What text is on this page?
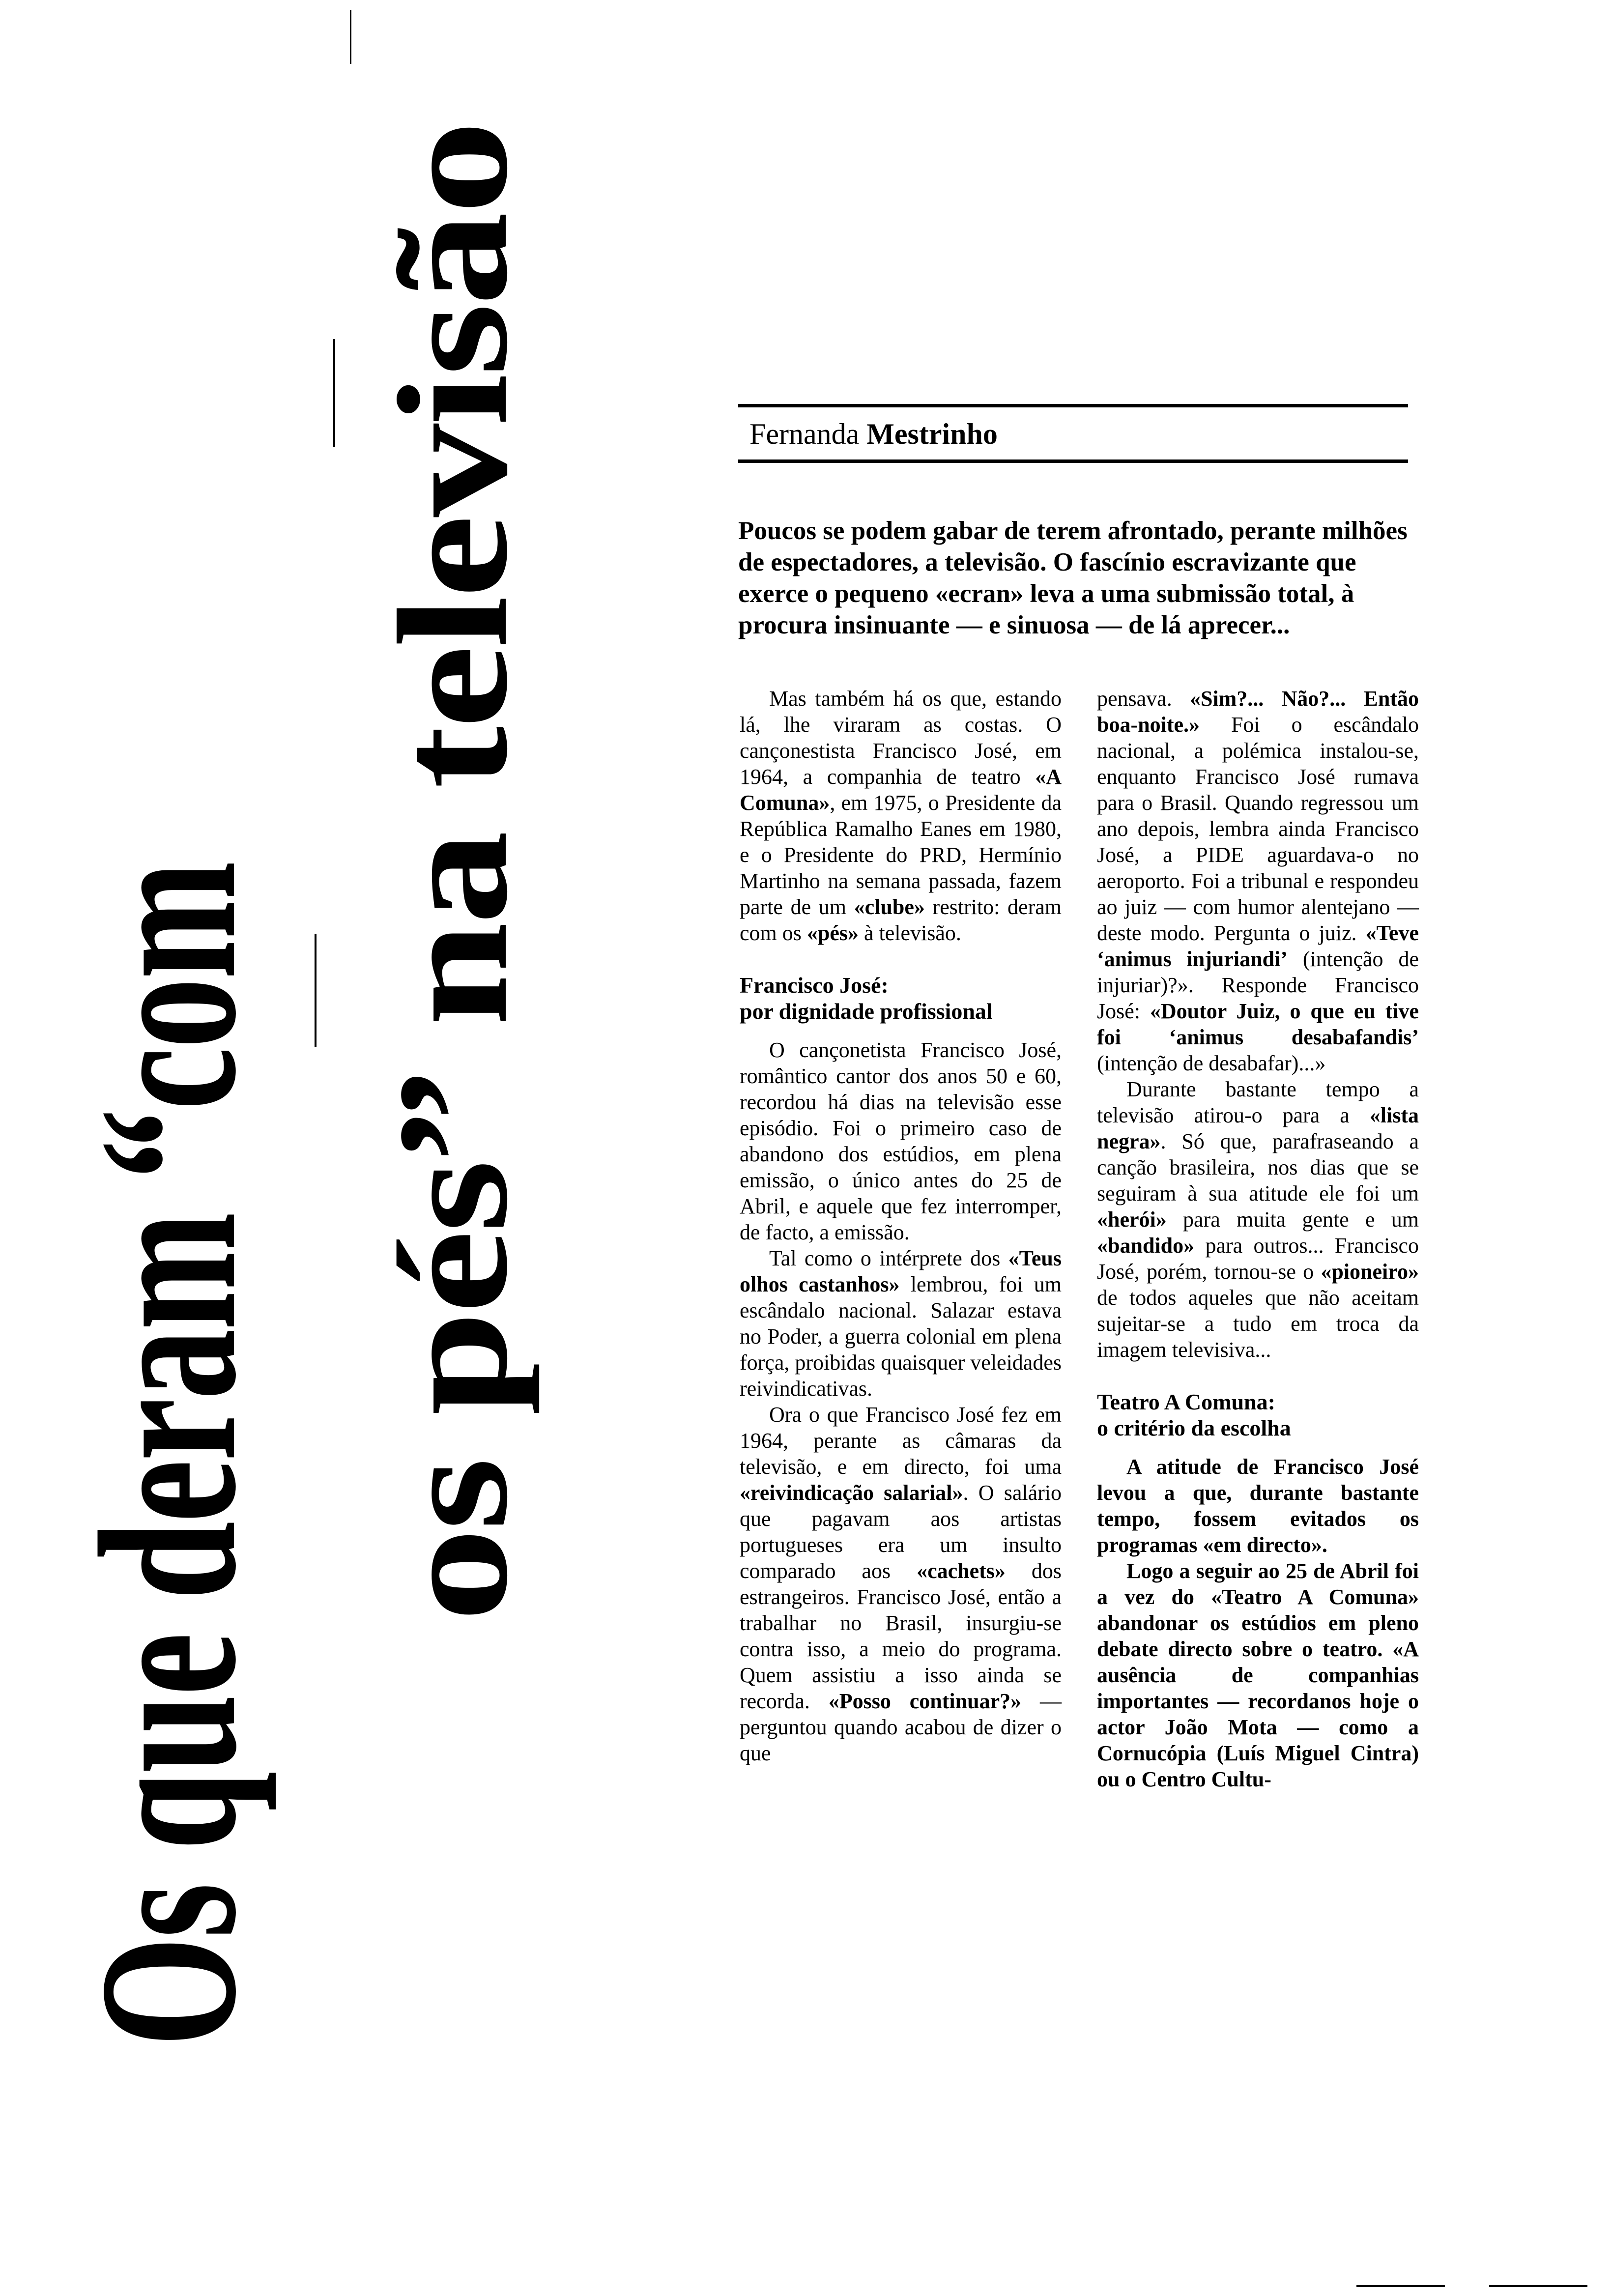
Os que deram “com os pés” na televisão	Fernanda Mestrinho
Poucos se podem gabar de terem afrontado, perante milhões de espectadores, a televisão. O fascínio escravizante que exerce o pequeno «ecran» leva a uma submissão total, à procura insinuante — e sinuosa — de lá aprecer...

Mas também há os que, estando lá, lhe viraram as costas. O cançonestista Francisco José, em 1964, a companhia de teatro «A Comuna», em 1975, o Presidente da República Ramalho Eanes em 1980, e o Presidente do PRD, Hermínio Martinho na semana passada, fazem parte de um «clube» restrito: deram com os «pés» à televisão.

Francisco José:
por dignidade profissional

O cançonetista Francisco José, romântico cantor dos anos 50 e 60, recordou há dias na televisão esse episódio. Foi o primeiro caso de abandono dos estúdios, em plena emissão, o único antes do 25 de Abril, e aquele que fez interromper, de facto, a emissão.

Tal como o intérprete dos «Teus olhos castanhos» lembrou, foi um escândalo nacional. Salazar estava no Poder, a guerra colonial em plena força, proibidas quaisquer veleidades reivindicativas.

Ora o que Francisco José fez em 1964, perante as câmaras da televisão, e em directo, foi uma «reivindicação salarial». O salário que pagavam aos artistas portugueses era um insulto comparado aos «cachets» dos estrangeiros. Francisco José, então a trabalhar no Brasil, insurgiu-se contra isso, a meio do programa. Quem assistiu a isso ainda se recorda. «Posso continuar?» — perguntou quando acabou de dizer o que

pensava. «Sim?... Não?... Então boa-noite.» Foi o escândalo nacional, a polémica instalou-se, enquanto Francisco José rumava para o Brasil. Quando regressou um ano depois, lembra ainda Francisco José, a PIDE aguardava-o no aeroporto. Foi a tribunal e respondeu ao juiz — com humor alentejano — deste modo. Pergunta o juiz. «Teve ‘animus injuriandi’ (intenção de injuriar)?». Responde Francisco José: «Doutor Juiz, o que eu tive foi ‘animus desabafandis’ (intenção de desabafar)...»

Durante bastante tempo a televisão atirou-o para a «lista negra». Só que, parafraseando a canção brasileira, nos dias que se seguiram à sua atitude ele foi um «herói» para muita gente e um «bandido» para outros... Francisco José, porém, tornou-se o «pioneiro» de todos aqueles que não aceitam sujeitar-se a tudo em troca da imagem televisiva...

Teatro A Comuna:
o critério da escolha

A atitude de Francisco José levou a que, durante bastante tempo, fossem evitados os programas «em directo».

Logo a seguir ao 25 de Abril foi a vez do «Teatro A Comuna» abandonar os estúdios em pleno debate directo sobre o teatro. «A ausência de companhias importantes — recordanos hoje o actor João Mota — como a Cornucópia (Luís Miguel Cintra) ou o Centro Cultu-
